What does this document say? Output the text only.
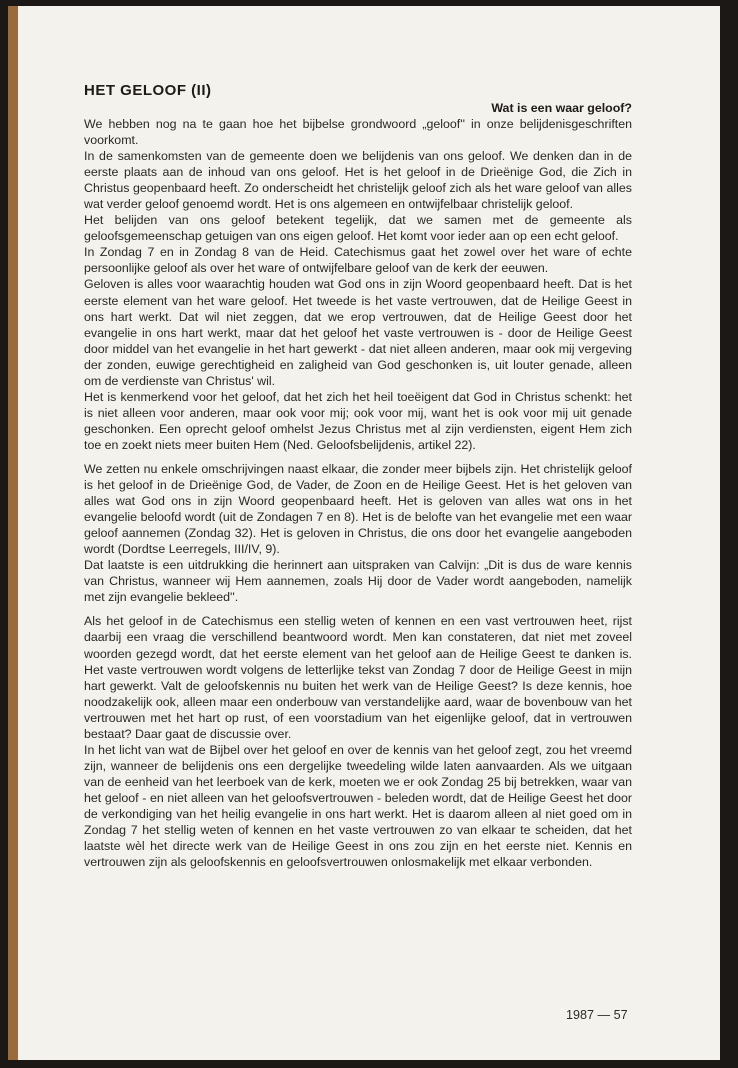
HET GELOOF (II)

Wat is een waar geloof?

We hebben nog na te gaan hoe het bijbelse grondwoord „geloof'' in onze belijdenisgeschriften voorkomt.

In de samenkomsten van de gemeente doen we belijdenis van ons geloof. We denken dan in de eerste plaats aan de inhoud van ons geloof. Het is het geloof in de Drieënige God, die Zich in Christus geopenbaard heeft. Zo onderscheidt het christelijk geloof zich als het ware geloof van alles wat verder geloof genoemd wordt. Het is ons algemeen en ontwijfelbaar christelijk geloof.

Het belijden van ons geloof betekent tegelijk, dat we samen met de gemeente als geloofsgemeenschap getuigen van ons eigen geloof. Het komt voor ieder aan op een echt geloof.

In Zondag 7 en in Zondag 8 van de Heid. Catechismus gaat het zowel over het ware of echte persoonlijke geloof als over het ware of ontwijfelbare geloof van de kerk der eeuwen.

Geloven is alles voor waarachtig houden wat God ons in zijn Woord geopenbaard heeft. Dat is het eerste element van het ware geloof. Het tweede is het vaste vertrouwen, dat de Heilige Geest in ons hart werkt. Dat wil niet zeggen, dat we erop vertrouwen, dat de Heilige Geest door het evangelie in ons hart werkt, maar dat het geloof het vaste vertrouwen is - door de Heilige Geest door middel van het evangelie in het hart gewerkt - dat niet alleen anderen, maar ook mij vergeving der zonden, euwige gerechtigheid en zaligheid van God geschonken is, uit louter genade, alleen om de verdienste van Christus' wil.

Het is kenmerkend voor het geloof, dat het zich het heil toeëigent dat God in Christus schenkt: het is niet alleen voor anderen, maar ook voor mij; ook voor mij, want het is ook voor mij uit genade geschonken. Een oprecht geloof omhelst Jezus Christus met al zijn verdiensten, eigent Hem zich toe en zoekt niets meer buiten Hem (Ned. Geloofsbelijdenis, artikel 22).

We zetten nu enkele omschrijvingen naast elkaar, die zonder meer bijbels zijn. Het christelijk geloof is het geloof in de Drieënige God, de Vader, de Zoon en de Heilige Geest. Het is het geloven van alles wat God ons in zijn Woord geopenbaard heeft. Het is geloven van alles wat ons in het evangelie beloofd wordt (uit de Zondagen 7 en 8). Het is de belofte van het evangelie met een waar geloof aannemen (Zondag 32). Het is geloven in Christus, die ons door het evangelie aangeboden wordt (Dordtse Leerregels, III/IV, 9).

Dat laatste is een uitdrukking die herinnert aan uitspraken van Calvijn: „Dit is dus de ware kennis van Christus, wanneer wij Hem aannemen, zoals Hij door de Vader wordt aangeboden, namelijk met zijn evangelie bekleed''.

Als het geloof in de Catechismus een stellig weten of kennen en een vast vertrouwen heet, rijst daarbij een vraag die verschillend beantwoord wordt. Men kan constateren, dat niet met zoveel woorden gezegd wordt, dat het eerste element van het geloof aan de Heilige Geest te danken is. Het vaste vertrouwen wordt volgens de letterlijke tekst van Zondag 7 door de Heilige Geest in mijn hart gewerkt. Valt de geloofskennis nu buiten het werk van de Heilige Geest? Is deze kennis, hoe noodzakelijk ook, alleen maar een onderbouw van verstandelijke aard, waar de bovenbouw van het vertrouwen met het hart op rust, of een voorstadium van het eigenlijke geloof, dat in vertrouwen bestaat? Daar gaat de discussie over.

In het licht van wat de Bijbel over het geloof en over de kennis van het geloof zegt, zou het vreemd zijn, wanneer de belijdenis ons een dergelijke tweedeling wilde laten aanvaarden. Als we uitgaan van de eenheid van het leerboek van de kerk, moeten we er ook Zondag 25 bij betrekken, waar van het geloof - en niet alleen van het geloofsvertrouwen - beleden wordt, dat de Heilige Geest het door de verkondiging van het heilig evangelie in ons hart werkt. Het is daarom alleen al niet goed om in Zondag 7 het stellig weten of kennen en het vaste vertrouwen zo van elkaar te scheiden, dat het laatste wèl het directe werk van de Heilige Geest in ons zou zijn en het eerste niet. Kennis en vertrouwen zijn als geloofskennis en geloofsvertrouwen onlosmakelijk met elkaar verbonden.

1987 — 57
